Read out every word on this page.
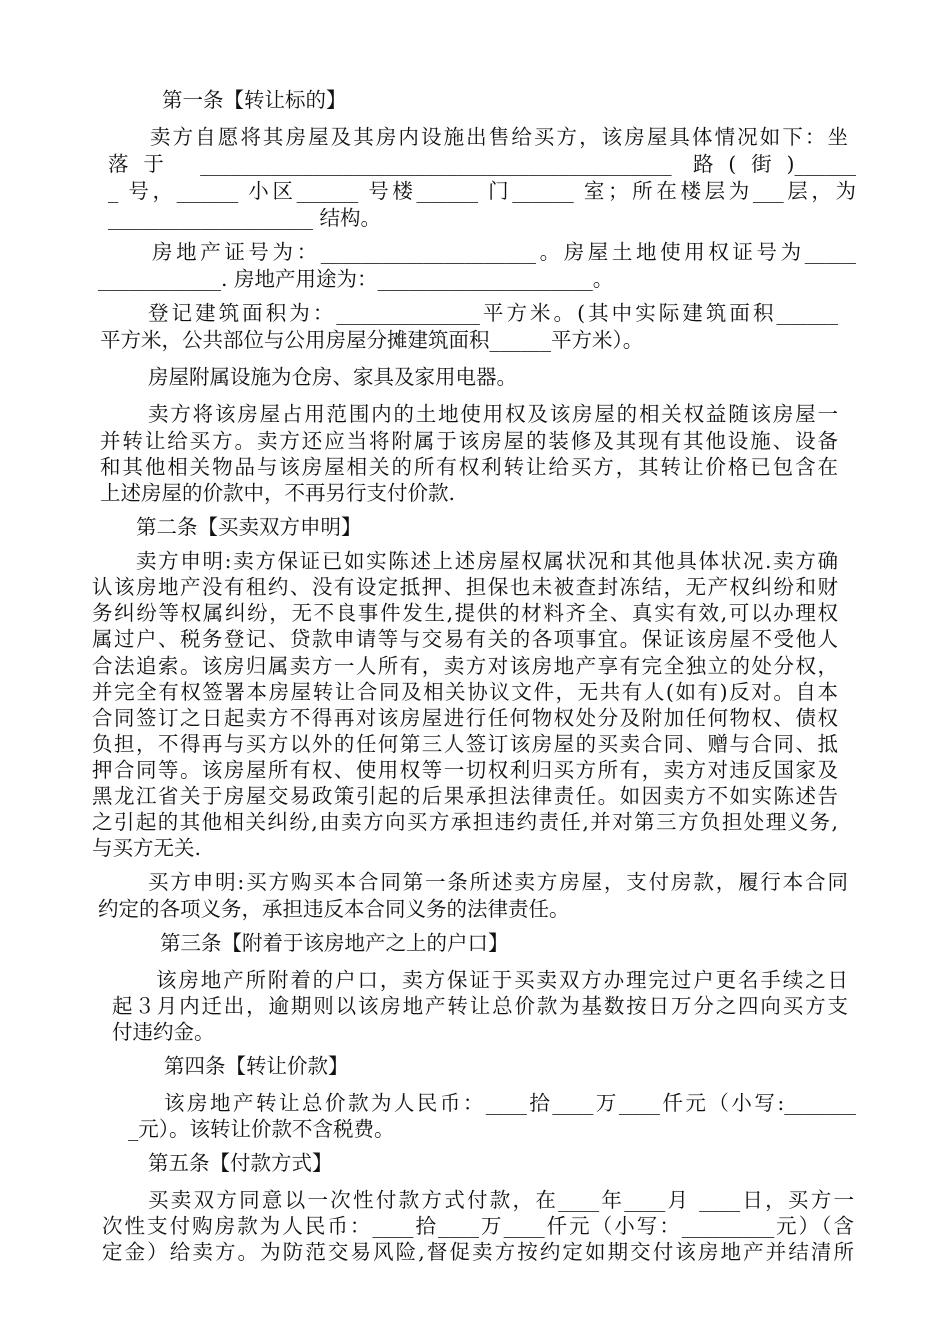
第一条【转让标的】

卖方自愿将其房屋及其房内设施出售给买方，该房屋具体情况如下：坐

落于 ______________________________________________ 路(街)______

_ 号，______ 小区______ 号楼______ 门______ 室；所在楼层为___层，为

____________________ 结构。

房地产证号为：_____________________。房屋土地使用权证号为_____

____________. 房地产用途为：_____________________。

登记建筑面积为：______________平方米。(其中实际建筑面积______

平方米，公共部位与公用房屋分摊建筑面积______平方米）。

房屋附属设施为仓房、家具及家用电器。

卖方将该房屋占用范围内的土地使用权及该房屋的相关权益随该房屋一

并转让给买方。卖方还应当将附属于该房屋的装修及其现有其他设施、设备

和其他相关物品与该房屋相关的所有权利转让给买方，其转让价格已包含在

上述房屋的价款中，不再另行支付价款.

第二条【买卖双方申明】

卖方申明:卖方保证已如实陈述上述房屋权属状况和其他具体状况.卖方确

认该房地产没有租约、没有设定抵押、担保也未被查封冻结，无产权纠纷和财

务纠纷等权属纠纷，无不良事件发生,提供的材料齐全、真实有效,可以办理权

属过户、税务登记、贷款申请等与交易有关的各项事宜。保证该房屋不受他人

合法追索。该房归属卖方一人所有，卖方对该房地产享有完全独立的处分权，

并完全有权签署本房屋转让合同及相关协议文件，无共有人(如有)反对。自本

合同签订之日起卖方不得再对该房屋进行任何物权处分及附加任何物权、债权

负担，不得再与买方以外的任何第三人签订该房屋的买卖合同、赠与合同、抵

押合同等。该房屋所有权、使用权等一切权利归买方所有，卖方对违反国家及

黑龙江省关于房屋交易政策引起的后果承担法律责任。如因卖方不如实陈述告

之引起的其他相关纠纷,由卖方向买方承担违约责任,并对第三方负担处理义务,

与买方无关.

买方申明:买方购买本合同第一条所述卖方房屋，支付房款，履行本合同

约定的各项义务，承担违反本合同义务的法律责任。

第三条【附着于该房地产之上的户口】

该房地产所附着的户口，卖方保证于买卖双方办理完过户更名手续之日

起３月内迁出，逾期则以该房地产转让总价款为基数按日万分之四向买方支

付违约金。

第四条【转让价款】

该房地产转让总价款为人民币：____拾____万____仟元（小写:_______

_元）。该转让价款不含税费。

第五条【付款方式】

买卖双方同意以一次性付款方式付款，在____年____月 ____日，买方一

次性支付购房款为人民币：____拾____万____仟元（小写：_________元）（含

定金）给卖方。为防范交易风险,督促卖方按约定如期交付该房地产并结清所
